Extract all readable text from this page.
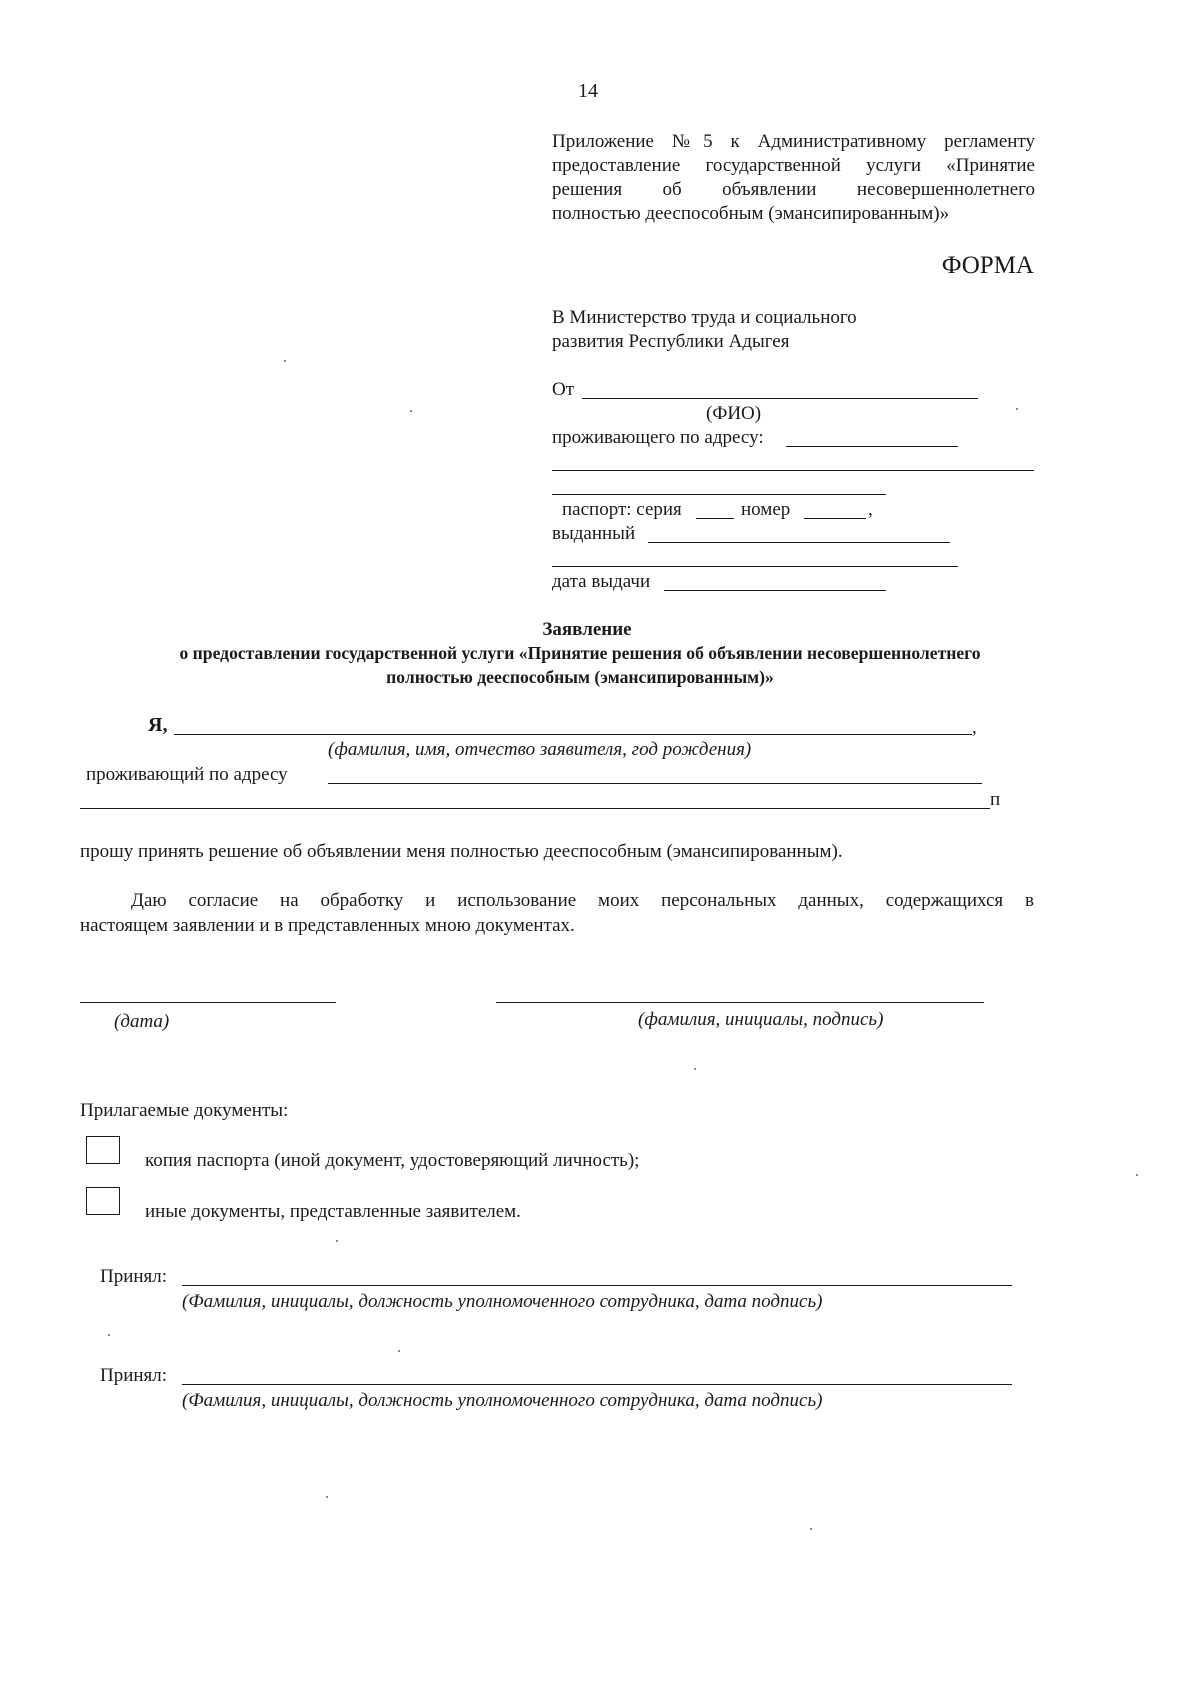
14
Приложение №5 к Административному регламенту
предоставление государственной услуги «Принятие
решения об объявлении несовершеннолетнего
полностью дееспособным (эмансипированным)»
ФОРМА
В Министерство труда и социального
развития Республики Адыгея
От
(ФИО)
проживающего по адресу:
паспорт: серия	номер	,
выданный
дата выдачи
Заявление
о предоставлении государственной услуги «Принятие решения об объявлении несовершеннолетнего
полностью дееспособным (эмансипированным)»
Я,	,
(фамилия, имя, отчество заявителя, год рождения)
проживающий по адресу
п
прошу принять решение об объявлении меня полностью дееспособным (эмансипированным).
Даю согласие на обработку и использование моих персональных данных, содержащихся в
настоящем заявлении и в представленных мною документах.
(дата)	(фамилия, инициалы, подпись)
Прилагаемые документы:
копия паспорта (иной документ, удостоверяющий личность);
иные документы, представленные заявителем.
Принял:
(Фамилия, инициалы, должность уполномоченного сотрудника, дата подпись)
Принял:
(Фамилия, инициалы, должность уполномоченного сотрудника, дата подпись)
